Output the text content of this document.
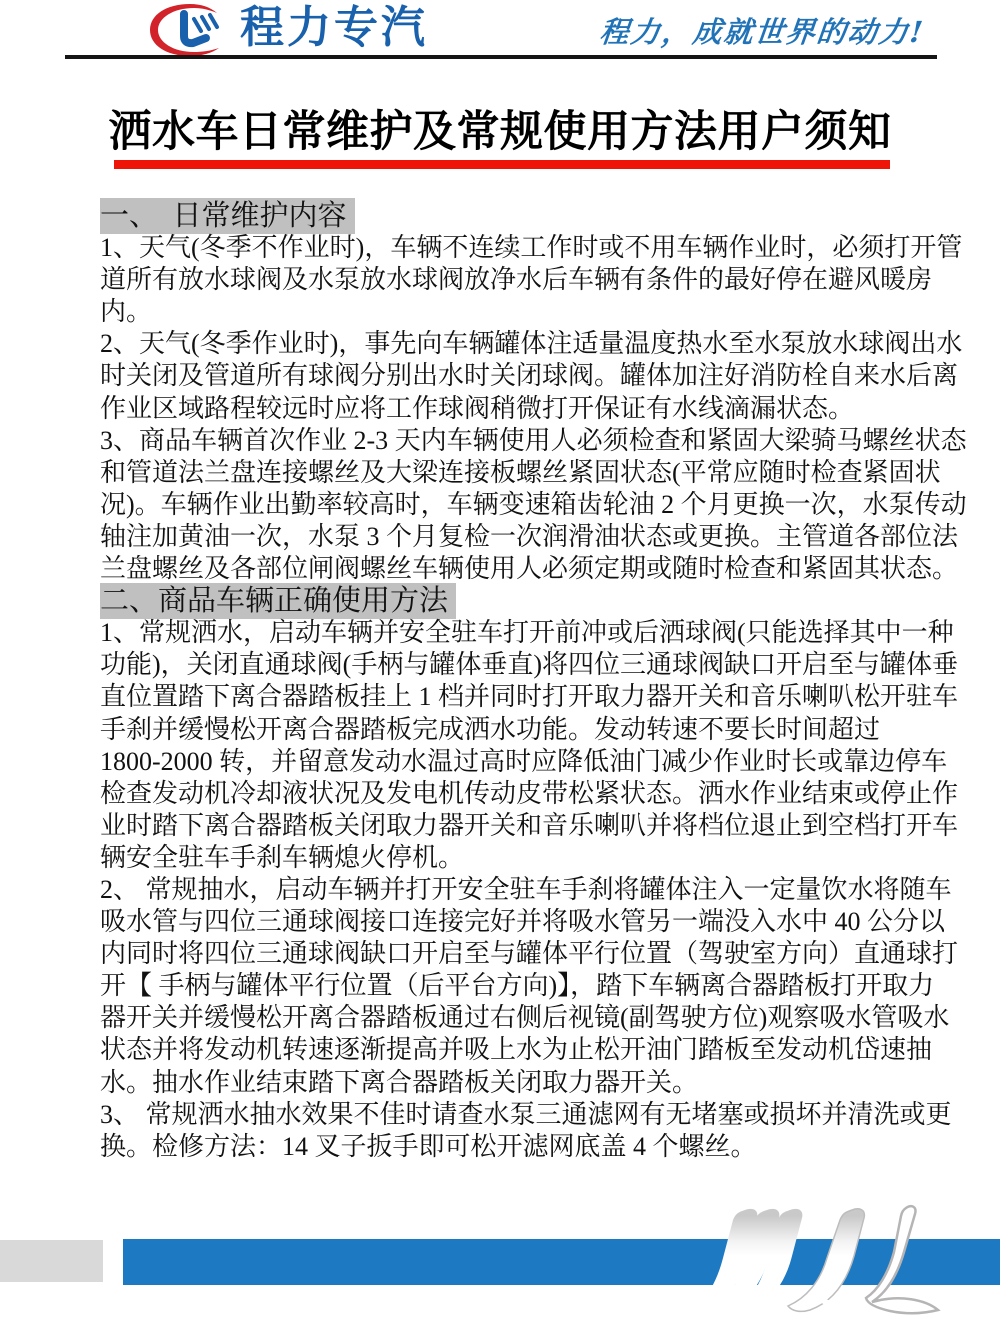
程力专汽	程力，成就世界的动力!
洒水车日常维护及常规使用方法用户须知
一、　日常维护内容
1、天气(冬季不作业时)，车辆不连续工作时或不用车辆作业时，必须打开管
道所有放水球阀及水泵放水球阀放净水后车辆有条件的最好停在避风暖房
内。
2、天气(冬季作业时)，事先向车辆罐体注适量温度热水至水泵放水球阀出水
时关闭及管道所有球阀分别出水时关闭球阀。罐体加注好消防栓自来水后离
作业区域路程较远时应将工作球阀稍微打开保证有水线滴漏状态。
3、商品车辆首次作业 2-3 天内车辆使用人必须检查和紧固大梁骑马螺丝状态
和管道法兰盘连接螺丝及大梁连接板螺丝紧固状态(平常应随时检查紧固状
况)。车辆作业出勤率较高时，车辆变速箱齿轮油 2 个月更换一次，水泵传动
轴注加黄油一次，水泵 3 个月复检一次润滑油状态或更换。主管道各部位法
兰盘螺丝及各部位闸阀螺丝车辆使用人必须定期或随时检查和紧固其状态。
二、商品车辆正确使用方法
1、常规洒水，启动车辆并安全驻车打开前冲或后洒球阀(只能选择其中一种
功能)，关闭直通球阀(手柄与罐体垂直)将四位三通球阀缺口开启至与罐体垂
直位置踏下离合器踏板挂上 1 档并同时打开取力器开关和音乐喇叭松开驻车
手刹并缓慢松开离合器踏板完成洒水功能。发动转速不要长时间超过
1800-2000 转，并留意发动水温过高时应降低油门减少作业时长或靠边停车
检查发动机冷却液状况及发电机传动皮带松紧状态。洒水作业结束或停止作
业时踏下离合器踏板关闭取力器开关和音乐喇叭并将档位退止到空档打开车
辆安全驻车手刹车辆熄火停机。
2、 常规抽水，启动车辆并打开安全驻车手刹将罐体注入一定量饮水将随车
吸水管与四位三通球阀接口连接完好并将吸水管另一端没入水中 40 公分以
内同时将四位三通球阀缺口开启至与罐体平行位置（驾驶室方向）直通球打
开【 手柄与罐体平行位置（后平台方向)】，踏下车辆离合器踏板打开取力
器开关并缓慢松开离合器踏板通过右侧后视镜(副驾驶方位)观察吸水管吸水
状态并将发动机转速逐渐提高并吸上水为止松开油门踏板至发动机岱速抽
水。抽水作业结束踏下离合器踏板关闭取力器开关。
3、 常规洒水抽水效果不佳时请查水泵三通滤网有无堵塞或损坏并清洗或更
换。检修方法：14 叉子扳手即可松开滤网底盖 4 个螺丝。
